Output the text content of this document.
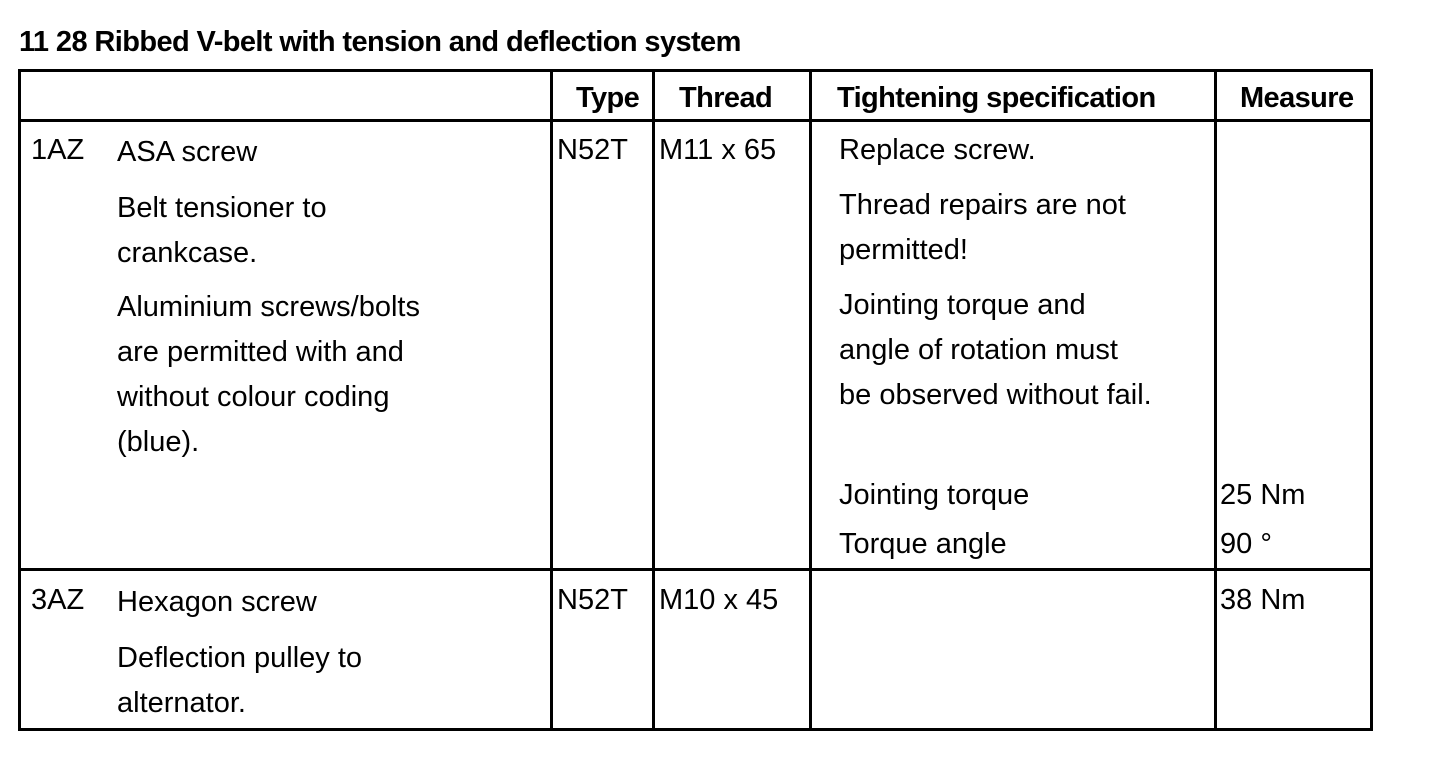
11 28 Ribbed V-belt with tension and deflection system
Type Thread Tightening specification	Measure
1AZ ASA screw
Belt tensioner to
crankcase.
Aluminium screws/bolts
are permitted with and
without colour coding
(blue).
N52T M11 x 65 Replace screw.
Thread repairs are not
permitted!
Jointing torque and
angle of rotation must
be observed without fail.
Jointing torque
Torque angle
25 Nm
90 °
3AZ Hexagon screw
Deflection pulley to
alternator.
N52T M10 x 45	38 Nm
